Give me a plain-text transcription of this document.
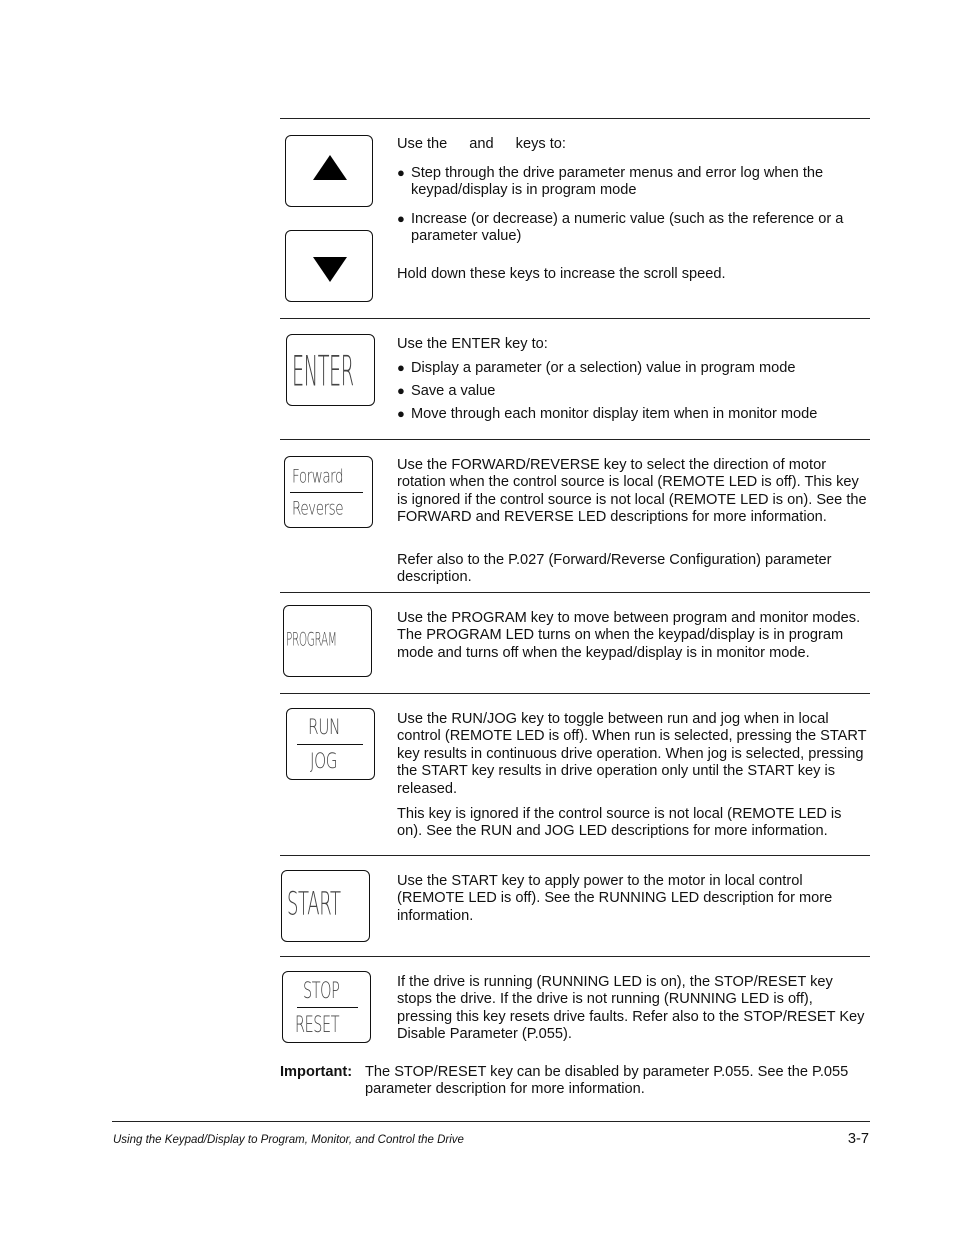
Use the and keys to:
● Step through the drive parameter menus and error log when the keypad/display is in program mode
● Increase (or decrease) a numeric value (such as the reference or a parameter value)
Hold down these keys to increase the scroll speed.
ENTER
Use the ENTER key to:
● Display a parameter (or a selection) value in program mode
● Save a value
● Move through each monitor display item when in monitor mode
Forward
Reverse
Use the FORWARD/REVERSE key to select the direction of motor rotation when the control source is local (REMOTE LED is off). This key is ignored if the control source is not local (REMOTE LED is on). See the FORWARD and REVERSE LED descriptions for more information.
Refer also to the P.027 (Forward/Reverse Configuration) parameter description.
PROGRAM
Use the PROGRAM key to move between program and monitor modes. The PROGRAM LED turns on when the keypad/display is in program mode and turns off when the keypad/display is in monitor mode.
RUN
JOG
Use the RUN/JOG key to toggle between run and jog when in local control (REMOTE LED is off). When run is selected, pressing the START key results in continuous drive operation. When jog is selected, pressing the START key results in drive operation only until the START key is released.
This key is ignored if the control source is not local (REMOTE LED is on). See the RUN and JOG LED descriptions for more information.
START
Use the START key to apply power to the motor in local control (REMOTE LED is off). See the RUNNING LED description for more information.
STOP
RESET
If the drive is running (RUNNING LED is on), the STOP/RESET key stops the drive. If the drive is not running (RUNNING LED is off), pressing this key resets drive faults. Refer also to the STOP/RESET Key Disable Parameter (P.055).
Important: The STOP/RESET key can be disabled by parameter P.055. See the P.055 parameter description for more information.
Using the Keypad/Display to Program, Monitor, and Control the Drive	3-7
